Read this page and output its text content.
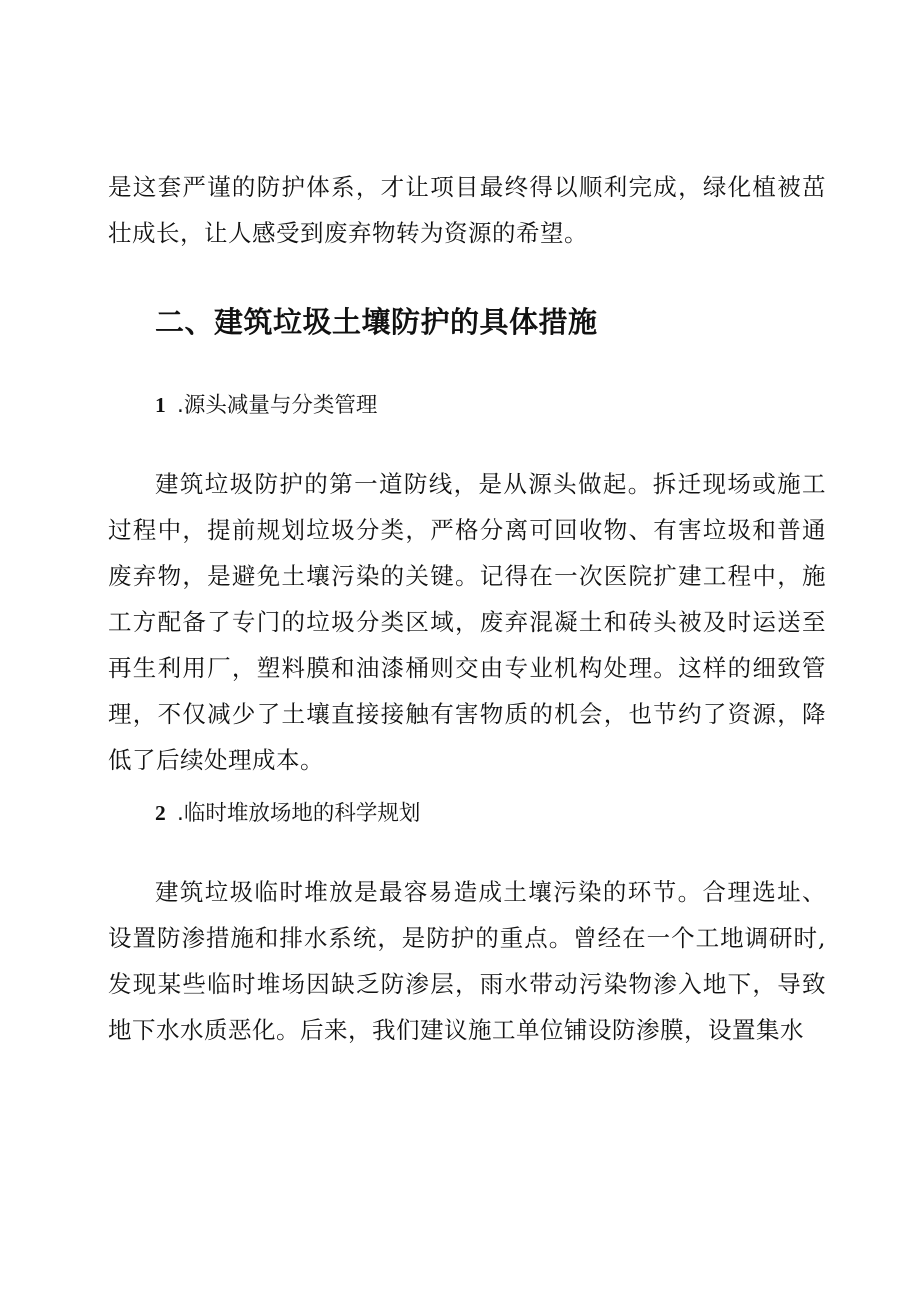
是这套严谨的防护体系，才让项目最终得以顺利完成，绿化植被茁壮成长，让人感受到废弃物转为资源的希望。

二、建筑垃圾土壤防护的具体措施
1 .源头减量与分类管理

建筑垃圾防护的第一道防线，是从源头做起。拆迁现场或施工过程中，提前规划垃圾分类，严格分离可回收物、有害垃圾和普通废弃物，是避免土壤污染的关键。记得在一次医院扩建工程中，施工方配备了专门的垃圾分类区域，废弃混凝土和砖头被及时运送至再生利用厂，塑料膜和油漆桶则交由专业机构处理。这样的细致管理，不仅减少了土壤直接接触有害物质的机会，也节约了资源，降低了后续处理成本。

2 .临时堆放场地的科学规划

建筑垃圾临时堆放是最容易造成土壤污染的环节。合理选址、设置防渗措施和排水系统，是防护的重点。曾经在一个工地调研时,发现某些临时堆场因缺乏防渗层，雨水带动污染物渗入地下，导致地下水水质恶化。后来，我们建议施工单位铺设防渗膜，设置集水
